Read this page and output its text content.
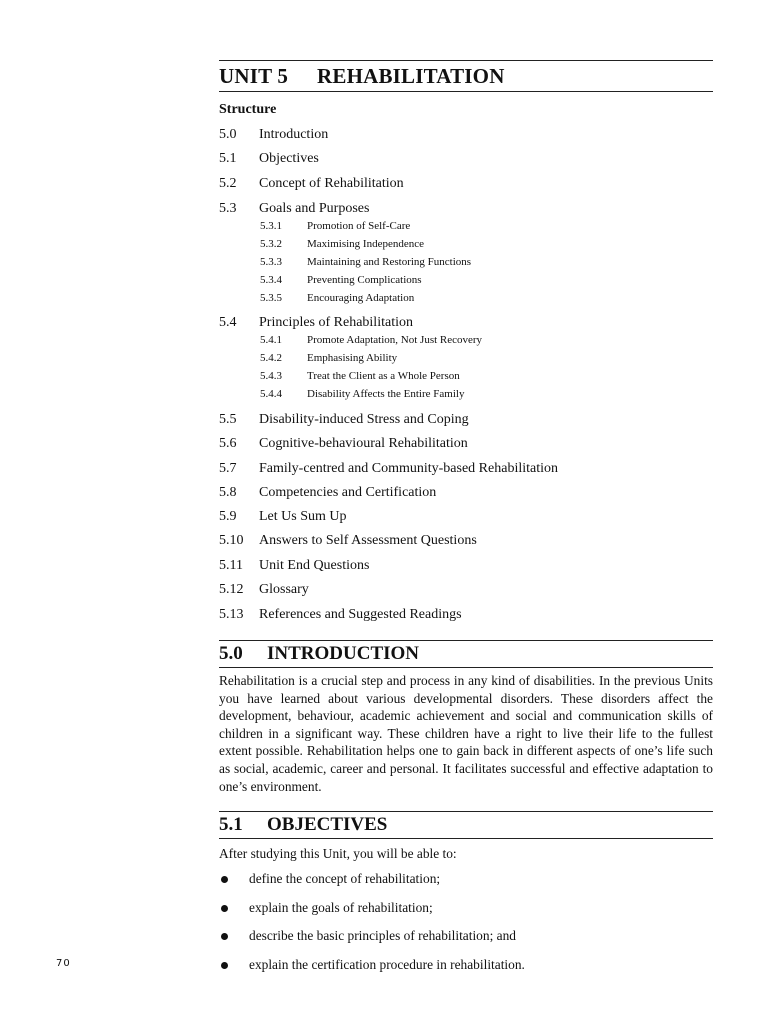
UNIT 5 REHABILITATION
Structure
5.0 Introduction
5.1 Objectives
5.2 Concept of Rehabilitation
5.3 Goals and Purposes
5.3.1 Promotion of Self-Care
5.3.2 Maximising Independence
5.3.3 Maintaining and Restoring Functions
5.3.4 Preventing Complications
5.3.5 Encouraging Adaptation
5.4 Principles of Rehabilitation
5.4.1 Promote Adaptation, Not Just Recovery
5.4.2 Emphasising Ability
5.4.3 Treat the Client as a Whole Person
5.4.4 Disability Affects the Entire Family
5.5 Disability-induced Stress and Coping
5.6 Cognitive-behavioural Rehabilitation
5.7 Family-centred and Community-based Rehabilitation
5.8 Competencies and Certification
5.9 Let Us Sum Up
5.10 Answers to Self Assessment Questions
5.11 Unit End Questions
5.12 Glossary
5.13 References and Suggested Readings
5.0 INTRODUCTION
Rehabilitation is a crucial step and process in any kind of disabilities. In the previous Units you have learned about various developmental disorders. These disorders affect the development, behaviour, academic achievement and social and communication skills of children in a significant way. These children have a right to live their life to the fullest extent possible. Rehabilitation helps one to gain back in different aspects of one’s life such as social, academic, career and personal. It facilitates successful and effective adaptation to one’s environment.
5.1 OBJECTIVES
After studying this Unit, you will be able to:
define the concept of rehabilitation;
explain the goals of rehabilitation;
describe the basic principles of rehabilitation; and
explain the certification procedure in rehabilitation.
70
